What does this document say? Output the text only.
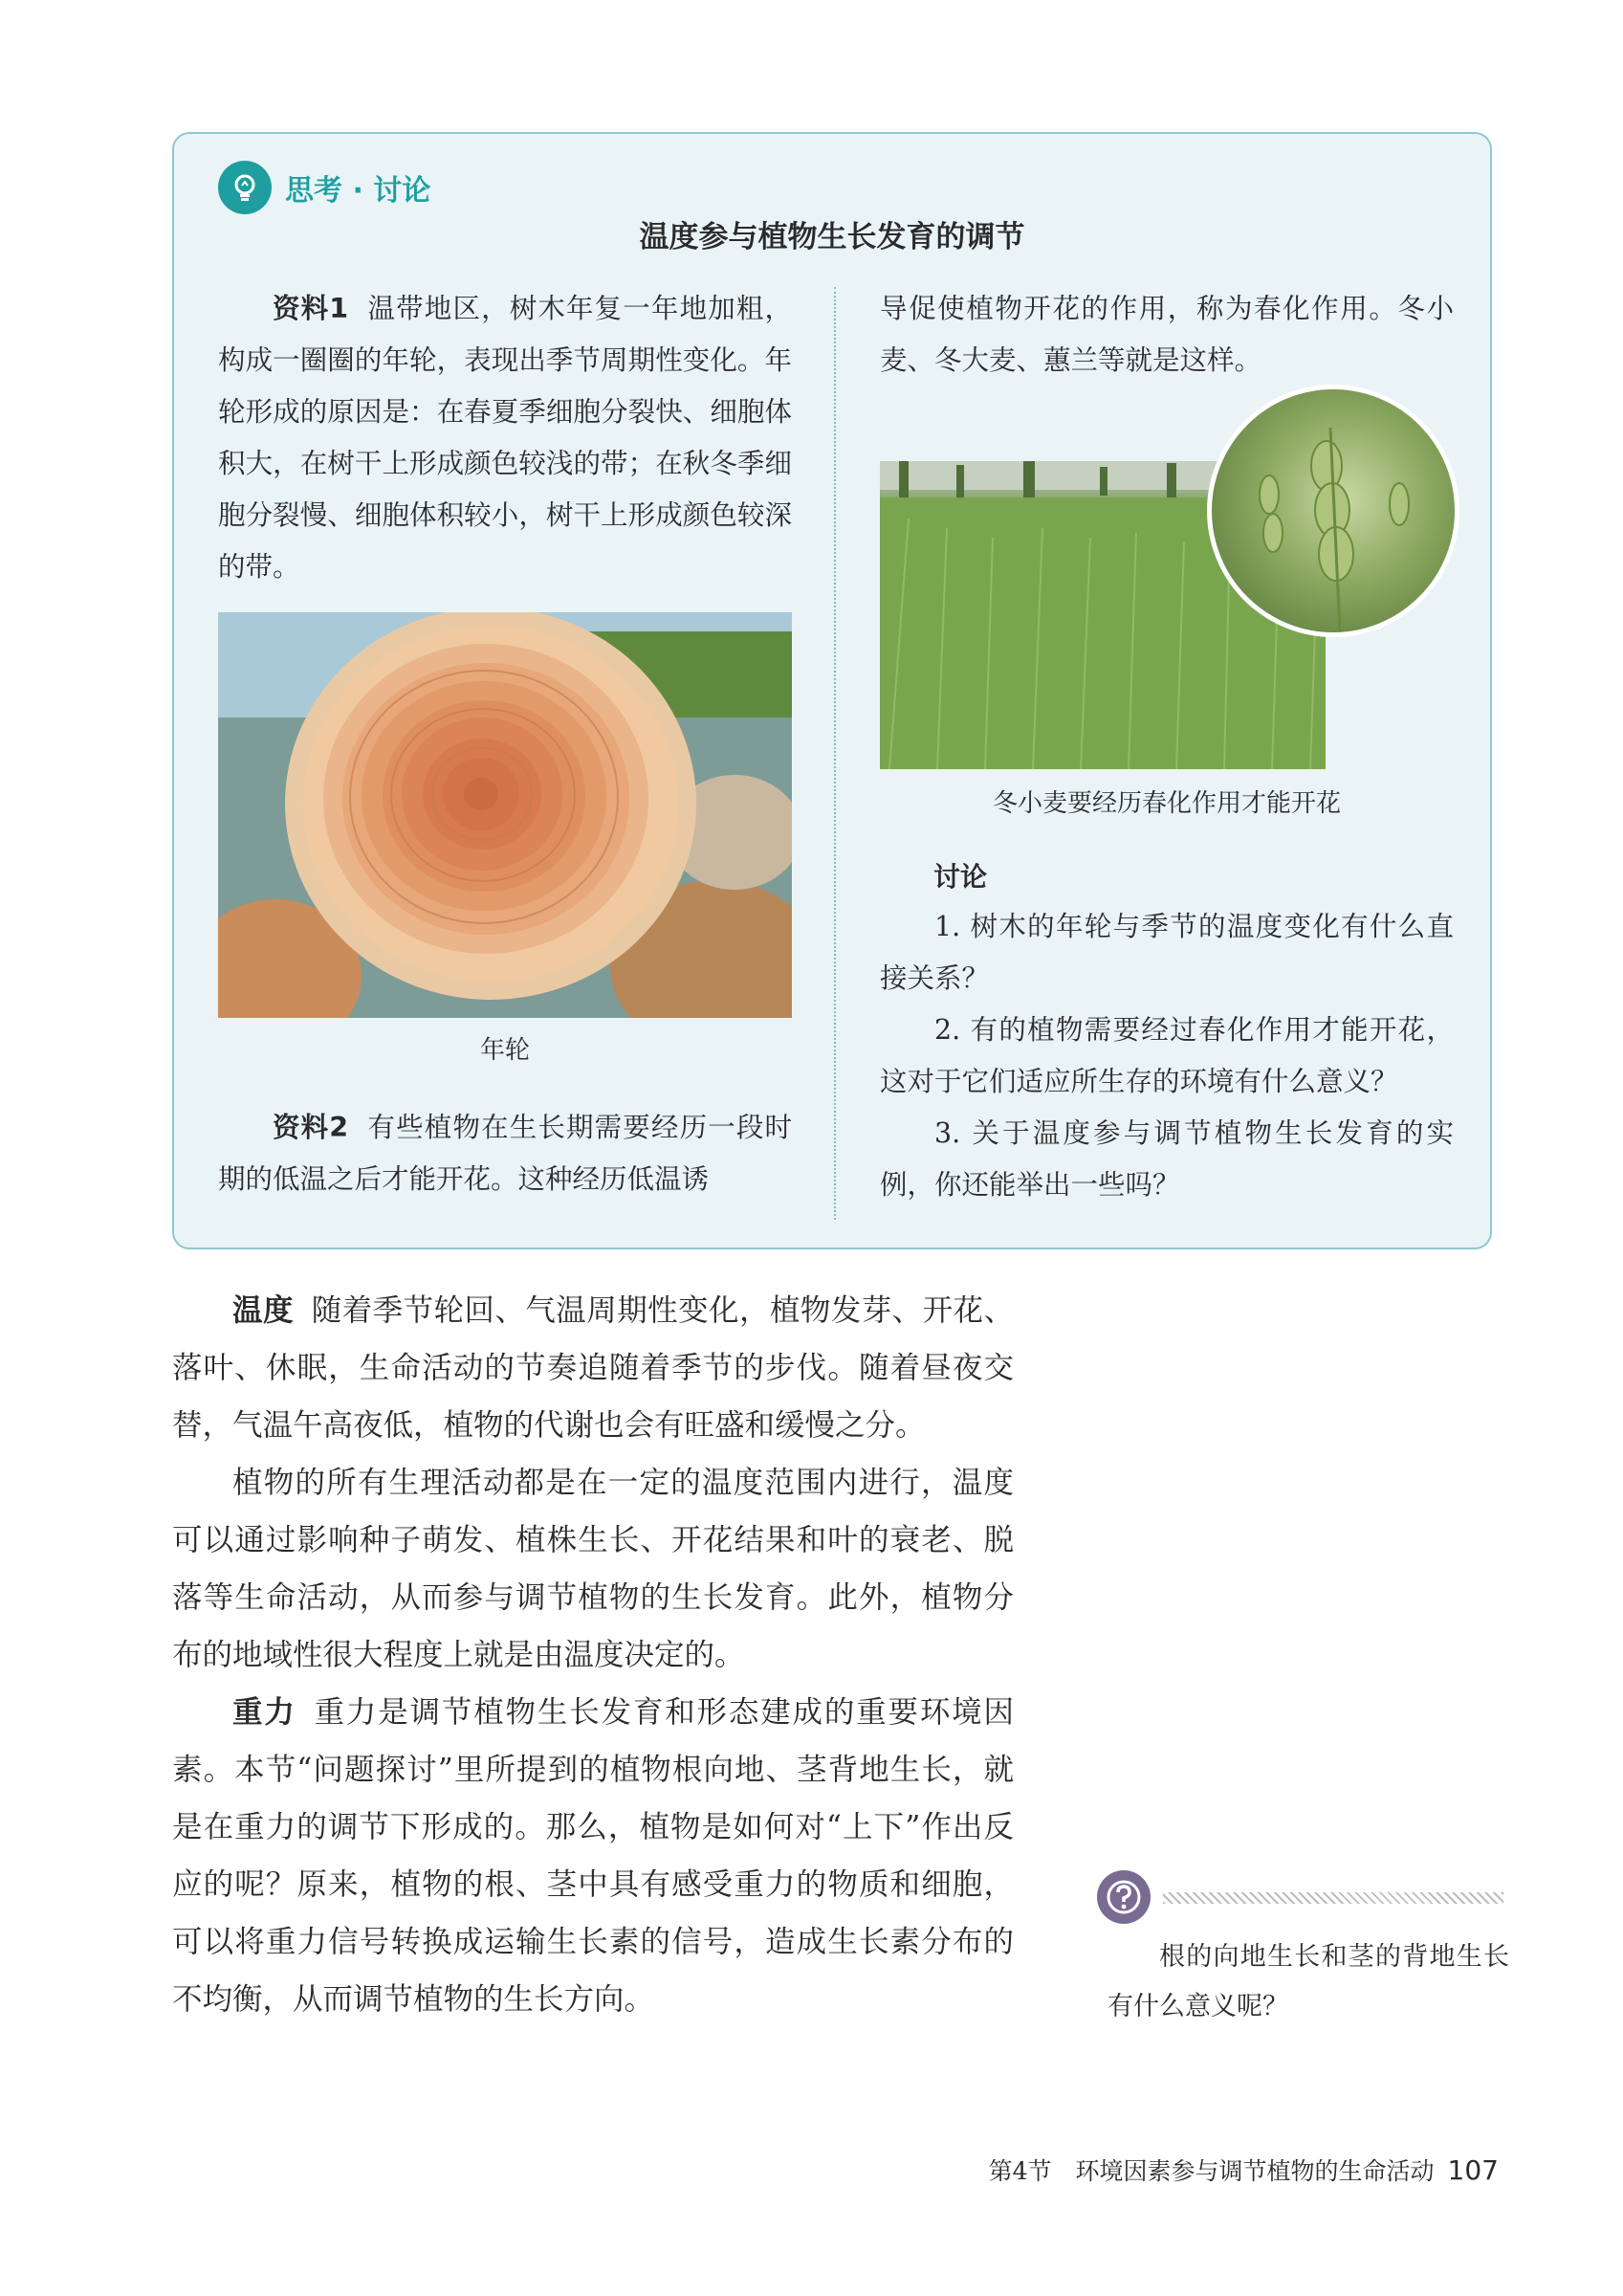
思考 · 讨论
温度参与植物生长发育的调节

资料1 温带地区，树木年复一年地加粗，构成一圈圈的年轮，表现出季节周期性变化。年轮形成的原因是：在春夏季细胞分裂快、细胞体积大，在树干上形成颜色较浅的带；在秋冬季细胞分裂慢、细胞体积较小，树干上形成颜色较深的带。

年轮

资料2 有些植物在生长期需要经历一段时期的低温之后才能开花。这种经历低温诱

导促使植物开花的作用，称为春化作用。冬小麦、冬大麦、蕙兰等就是这样。

冬小麦要经历春化作用才能开花
讨论

1. 树木的年轮与季节的温度变化有什么直接关系？

2. 有的植物需要经过春化作用才能开花，这对于它们适应所生存的环境有什么意义？

3. 关于温度参与调节植物生长发育的实例，你还能举出一些吗？

温度 随着季节轮回、气温周期性变化，植物发芽、开花、落叶、休眠，生命活动的节奏追随着季节的步伐。随着昼夜交替，气温午高夜低，植物的代谢也会有旺盛和缓慢之分。

植物的所有生理活动都是在一定的温度范围内进行，温度可以通过影响种子萌发、植株生长、开花结果和叶的衰老、脱落等生命活动，从而参与调节植物的生长发育。此外，植物分布的地域性很大程度上就是由温度决定的。

重力 重力是调节植物生长发育和形态建成的重要环境因素。本节“问题探讨”里所提到的植物根向地、茎背地生长，就是在重力的调节下形成的。那么，植物是如何对“上下”作出反应的呢？原来，植物的根、茎中具有感受重力的物质和细胞，可以将重力信号转换成运输生长素的信号，造成生长素分布的不均衡，从而调节植物的生长方向。

根的向地生长和茎的背地生长有什么意义呢？

第4节　环境因素参与调节植物的生命活动 107
